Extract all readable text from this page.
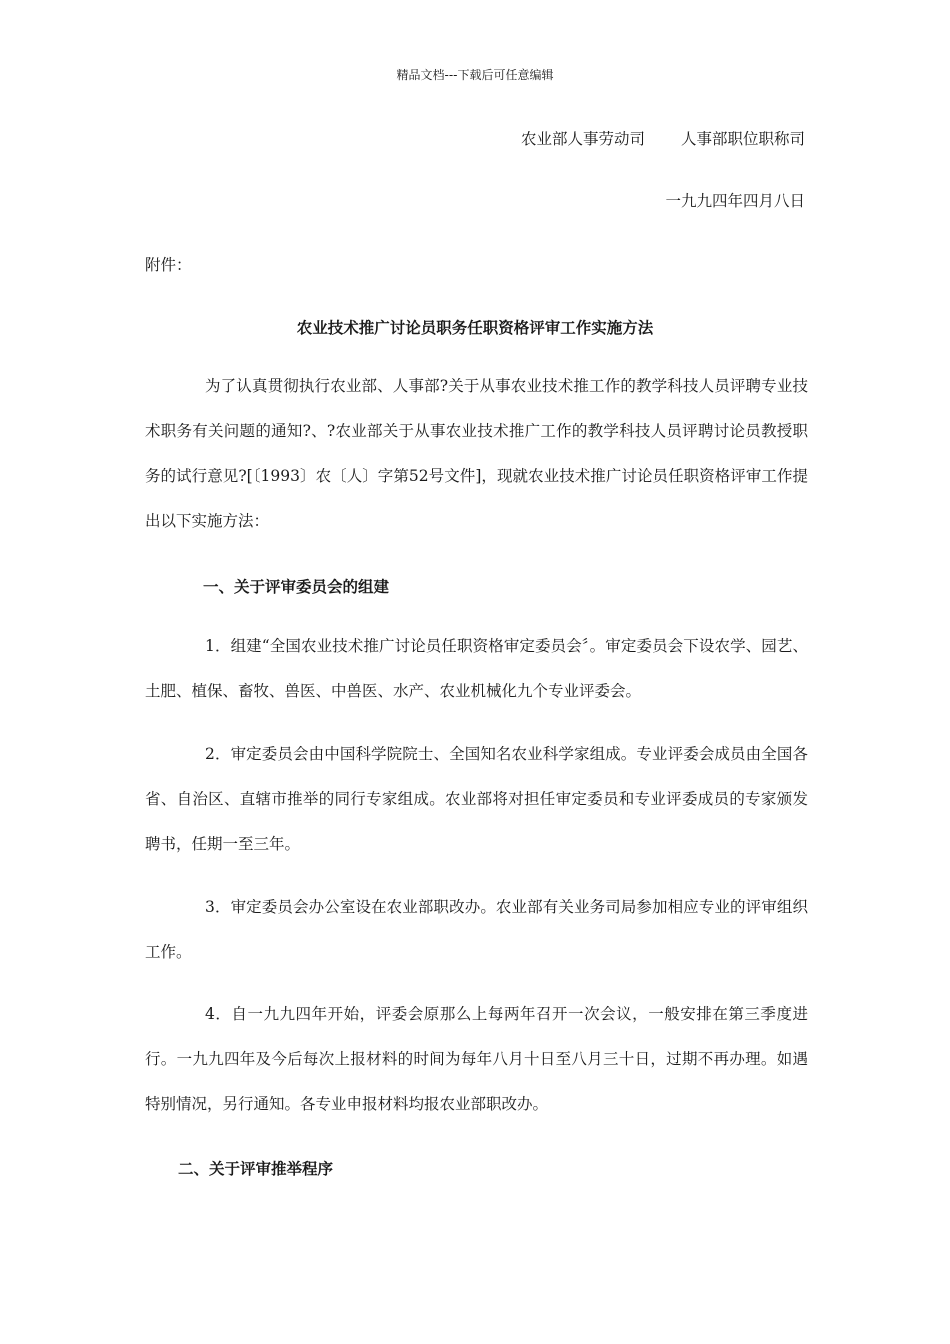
精品文档---下载后可任意编辑
农业部人事劳动司 人事部职位职称司
一九九四年四月八日
附件：
农业技术推广讨论员职务任职资格评审工作实施方法

为了认真贯彻执行农业部、人事部?关于从事农业技术推工作的教学科技人员评聘专业技术职务有关问题的通知?、?农业部关于从事农业技术推广工作的教学科技人员评聘讨论员教授职务的试行意见?[〔1993〕农〔人〕字第52号文件]，现就农业技术推广讨论员任职资格评审工作提出以下实施方法：

一、关于评审委员会的组建

1．组建“全国农业技术推广讨论员任职资格审定委员会〞。审定委员会下设农学、园艺、土肥、植保、畜牧、兽医、中兽医、水产、农业机械化九个专业评委会。

2．审定委员会由中国科学院院士、全国知名农业科学家组成。专业评委会成员由全国各省、自治区、直辖市推举的同行专家组成。农业部将对担任审定委员和专业评委成员的专家颁发聘书，任期一至三年。

3．审定委员会办公室设在农业部职改办。农业部有关业务司局参加相应专业的评审组织工作。

4．自一九九四年开始，评委会原那么上每两年召开一次会议，一般安排在第三季度进行。一九九四年及今后每次上报材料的时间为每年八月十日至八月三十日，过期不再办理。如遇特别情况，另行通知。各专业申报材料均报农业部职改办。

二、关于评审推举程序
